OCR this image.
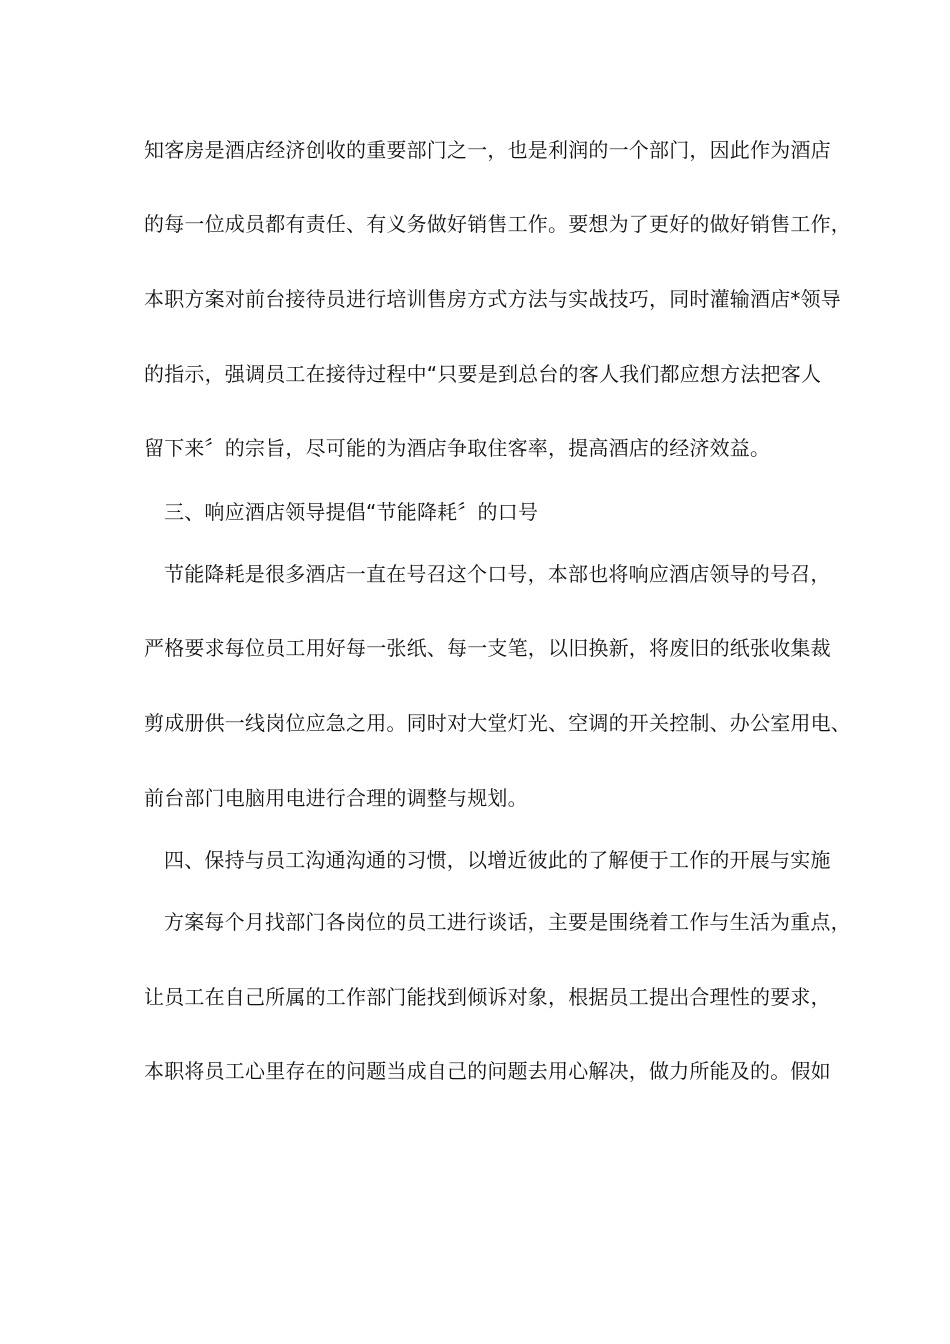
知客房是酒店经济创收的重要部门之一，也是利润的一个部门，因此作为酒店
的每一位成员都有责任、有义务做好销售工作。要想为了更好的做好销售工作，
本职方案对前台接待员进行培训售房方式方法与实战技巧，同时灌输酒店*领导
的指示，强调员工在接待过程中“只要是到总台的客人我们都应想方法把客人
留下来〞的宗旨，尽可能的为酒店争取住客率，提高酒店的经济效益。
三、响应酒店领导提倡“节能降耗〞的口号
节能降耗是很多酒店一直在号召这个口号，本部也将响应酒店领导的号召，
严格要求每位员工用好每一张纸、每一支笔，以旧换新，将废旧的纸张收集裁
剪成册供一线岗位应急之用。同时对大堂灯光、空调的开关控制、办公室用电、
前台部门电脑用电进行合理的调整与规划。
四、保持与员工沟通沟通的习惯，以增近彼此的了解便于工作的开展与实施
方案每个月找部门各岗位的员工进行谈话，主要是围绕着工作与生活为重点，
让员工在自己所属的工作部门能找到倾诉对象，根据员工提出合理性的要求，
本职将员工心里存在的问题当成自己的问题去用心解决，做力所能及的。假如
